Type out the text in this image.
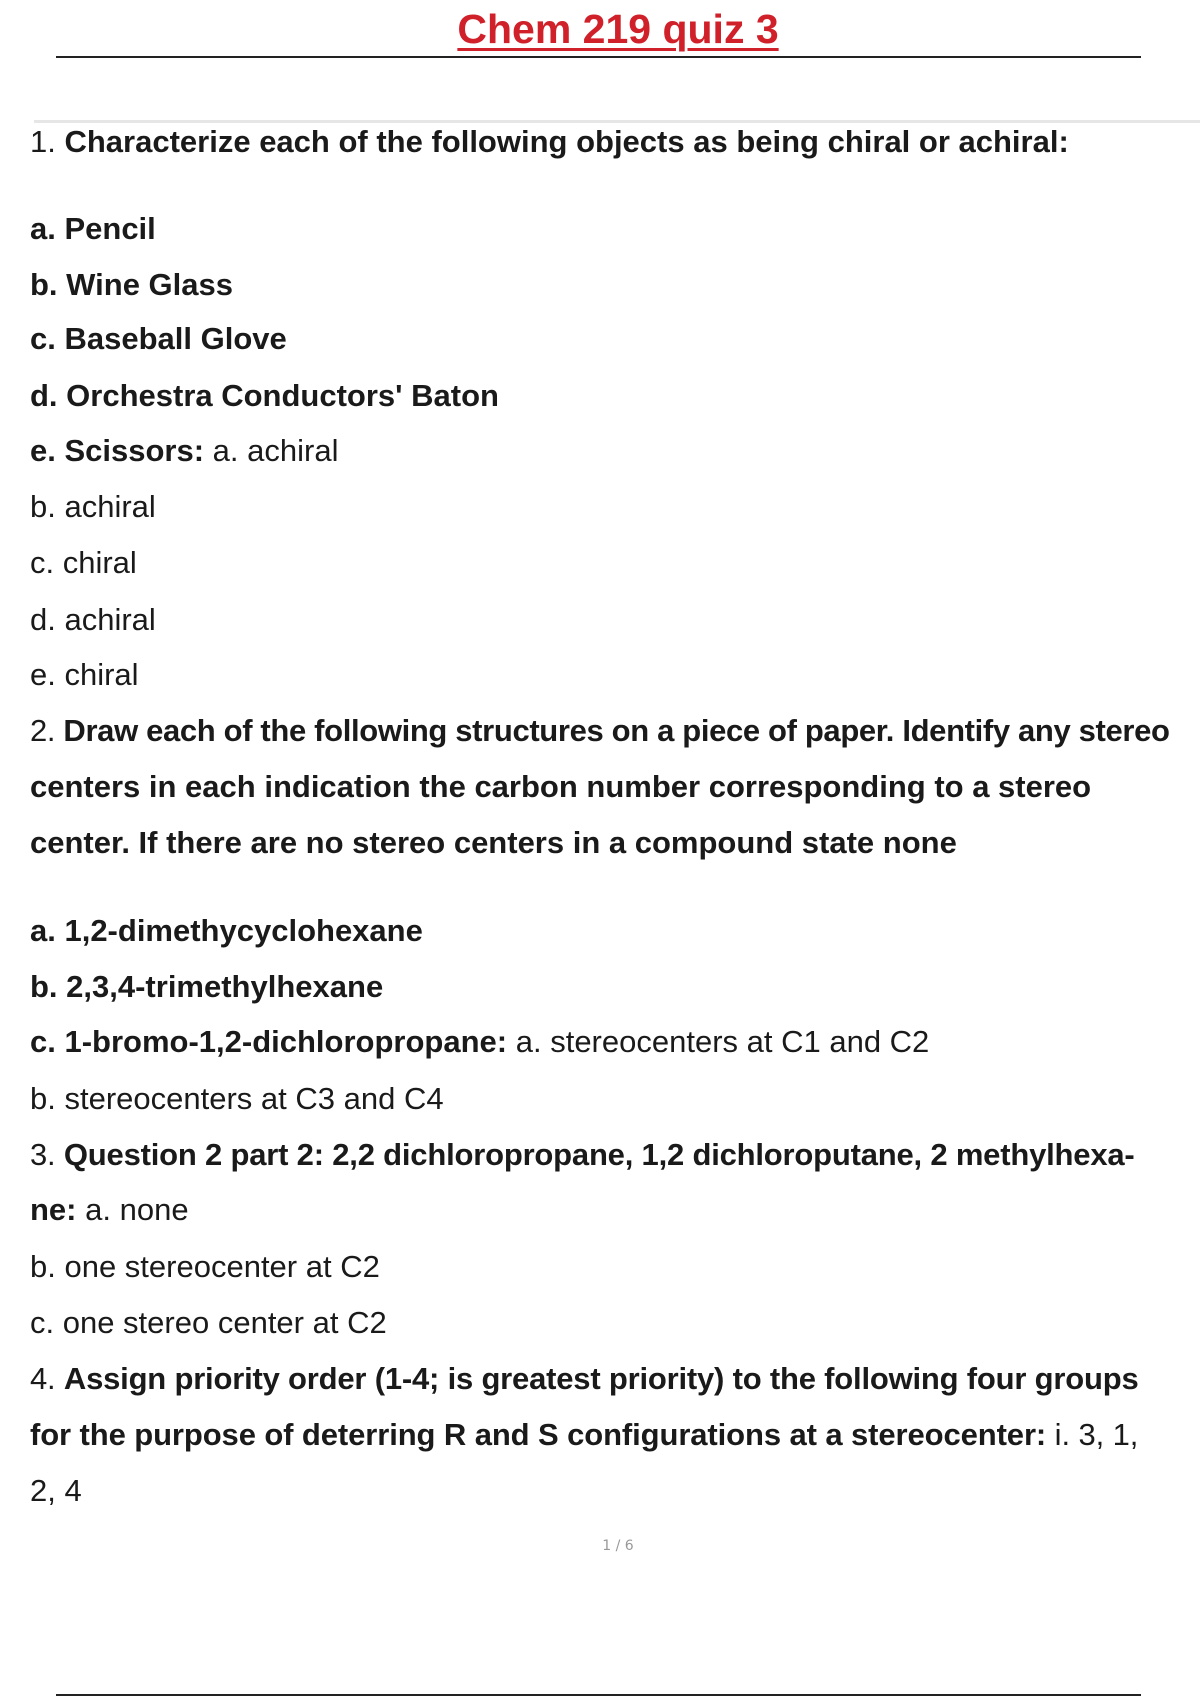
Chem 219 quiz 3
1. Characterize each of the following objects as being chiral or achiral:
a. Pencil
b. Wine Glass
c. Baseball Glove
d. Orchestra Conductors' Baton
e. Scissors: a. achiral
b. achiral
c. chiral
d. achiral
e. chiral
2. Draw each of the following structures on a piece of paper. Identify any stereo
centers in each indication the carbon number corresponding to a stereo
center. If there are no stereo centers in a compound state none
a. 1,2-dimethycyclohexane
b. 2,3,4-trimethylhexane
c. 1-bromo-1,2-dichloropropane: a. stereocenters at C1 and C2
b. stereocenters at C3 and C4
3. Question 2 part 2: 2,2 dichloropropane, 1,2 dichloroputane, 2 methylhexa-
ne: a. none
b. one stereocenter at C2
c. one stereo center at C2
4. Assign priority order (1-4; is greatest priority) to the following four groups
for the purpose of deterring R and S configurations at a stereocenter: i. 3, 1,
2, 4
1 / 6
